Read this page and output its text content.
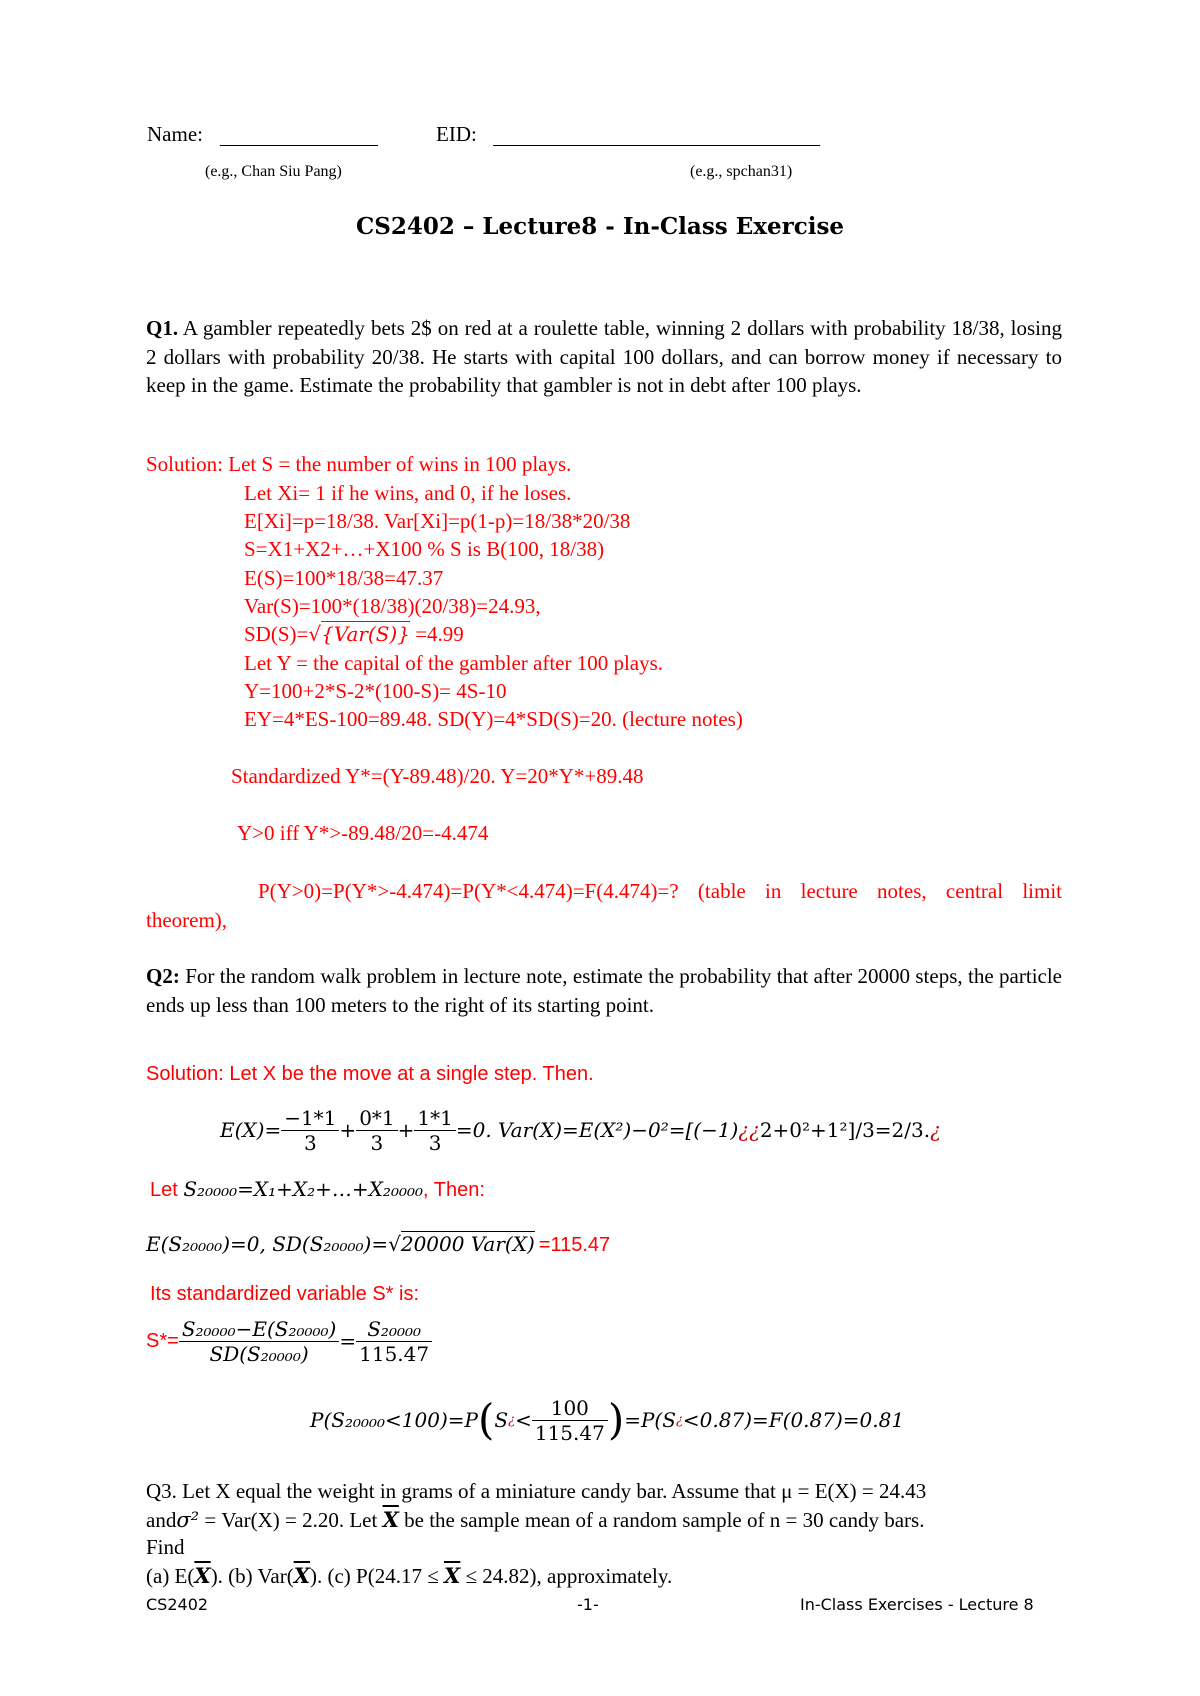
Name:	EID:
(e.g., Chan Siu Pang)	(e.g., spchan31)
CS2402 – Lecture8 - In-Class Exercise
Q1. A gambler repeatedly bets 2$ on red at a roulette table, winning 2 dollars with probability 18/38, losing 2 dollars with probability 20/38. He starts with capital 100 dollars, and can borrow money if necessary to keep in the game. Estimate the probability that gambler is not in debt after 100 plays.
Solution: Let S = the number of wins in 100 plays.
Let Xi= 1 if he wins, and 0, if he loses.
E[Xi]=p=18/38. Var[Xi]=p(1-p)=18/38*20/38
S=X1+X2+…+X100 % S is B(100, 18/38)
E(S)=100*18/38=47.37
Var(S)=100*(18/38)(20/38)=24.93,
SD(S)=√{Var(S)} =4.99
Let Y = the capital of the gambler after 100 plays.
Y=100+2*S-2*(100-S)= 4S-10
EY=4*ES-100=89.48. SD(Y)=4*SD(S)=20. (lecture notes)
Standardized Y*=(Y-89.48)/20. Y=20*Y*+89.48
Y>0 iff Y*>-89.48/20=-4.474
P(Y>0)=P(Y*>-4.474)=P(Y*<4.474)=F(4.474)=? (table in lecture notes, central limit theorem),
Q2: For the random walk problem in lecture note, estimate the probability that after 20000 steps, the particle ends up less than 100 meters to the right of its starting point.
Solution: Let X be the move at a single step. Then.
$E(X)= \frac{-1*1}{3} + \frac{0*1}{3} + \frac{1*1}{3} =0$. Var(X)=E(X²)−0²=[(−1) ¿¿ 2+0²+1²]/3=2/3. ¿
Let S₂₀₀₀₀=X₁+X₂+…+X₂₀₀₀₀, Then:
E(S₂₀₀₀₀)=0, SD(S₂₀₀₀₀)=√20000 Var(X) =115.47
Its standardized variable S* is:
$S*= \frac{\text{S₂₀₀₀₀−E(S₂₀₀₀₀)}}{\text{SD(S₂₀₀₀₀)}} = \frac{\text{S₂₀₀₀₀}}{115.47}$
P(S₂₀₀₀₀<100)=P ( S ¿ < $\frac{100}{115.47}$ ) =P(S ¿ <0.87)=F(0.87)=0.81
Q3. Let X equal the weight in grams of a miniature candy bar. Assume that μ = E(X) = 24.43
andσ² = Var(X) = 2.20. Let $\overline{X}$ be the sample mean of a random sample of n = 30 candy bars.
Find
(a) $E(\overline{X})$. (b) $Var(\overline{X})$. (c) $P(24.17 \le \overline{X} \le 24.82)$, approximately.
CS2402	-1-	In-Class Exercises - Lecture 8
